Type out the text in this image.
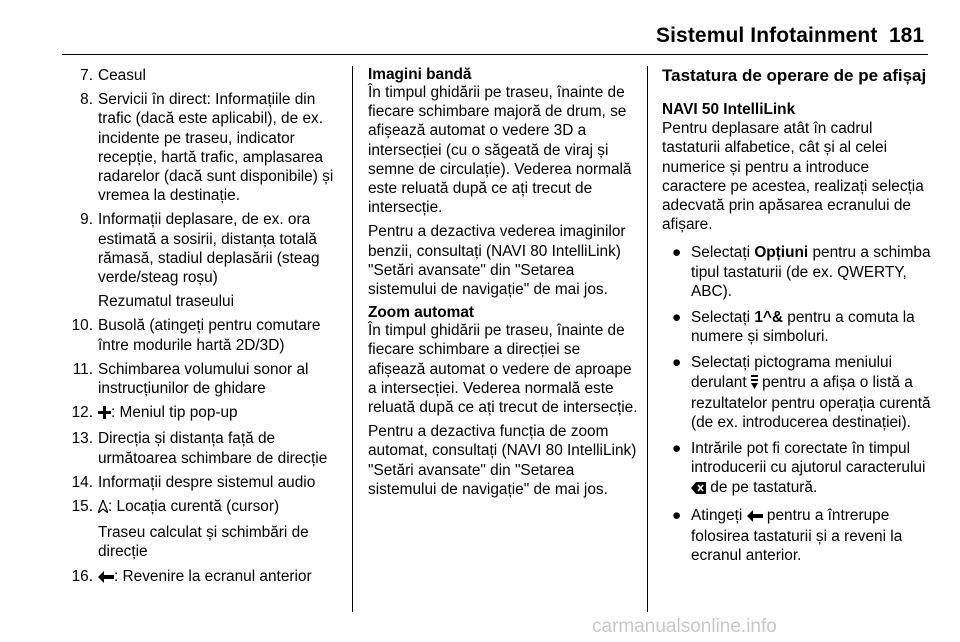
Sistemul Infotainment 181
7. Ceasul
8. Servicii în direct: Informațiile din trafic (dacă este aplicabil), de ex. incidente pe traseu, indicator recepție, hartă trafic, amplasarea radarelor (dacă sunt disponibile) și vremea la destinație.
9. Informații deplasare, de ex. ora estimată a sosirii, distanța totală rămasă, stadiul deplasării (steag verde/steag roșu)
Rezumatul traseului
10. Busolă (atingeți pentru comutare între modurile hartă 2D/3D)
11. Schimbarea volumului sonor al instrucțiunilor de ghidare
12. : Meniul tip pop-up
13. Direcția și distanța față de următoarea schimbare de direcție
14. Informații despre sistemul audio
15. : Locația curentă (cursor)
Traseu calculat și schimbări de direcție
16. : Revenire la ecranul anterior
Imagini bandă
În timpul ghidării pe traseu, înainte de fiecare schimbare majoră de drum, se afișează automat o vedere 3D a intersecției (cu o săgeată de viraj și semne de circulație). Vederea normală este reluată după ce ați trecut de intersecție.
Pentru a dezactiva vederea imaginilor benzii, consultați (NAVI 80 IntelliLink) "Setări avansate" din "Setarea sistemului de navigație" de mai jos.
Zoom automat
În timpul ghidării pe traseu, înainte de fiecare schimbare a direcției se afișează automat o vedere de aproape a intersecției. Vederea normală este reluată după ce ați trecut de intersecție.
Pentru a dezactiva funcția de zoom automat, consultați (NAVI 80 IntelliLink) "Setări avansate" din "Setarea sistemului de navigație" de mai jos.
Tastatura de operare de pe afișaj
NAVI 50 IntelliLink
Pentru deplasare atât în cadrul tastaturii alfabetice, cât și al celei numerice și pentru a introduce caractere pe acestea, realizați selecția adecvată prin apăsarea ecranului de afișare.
● Selectați Opțiuni pentru a schimba tipul tastaturii (de ex. QWERTY, ABC).
● Selectați 1^& pentru a comuta la numere și simboluri.
● Selectați pictograma meniului derulant  pentru a afișa o listă a rezultatelor pentru operația curentă (de ex. introducerea destinației).
● Intrările pot fi corectate în timpul introducerii cu ajutorul caracterului  de pe tastatură.
● Atingeți  pentru a întrerupe folosirea tastaturii și a reveni la ecranul anterior.
carmanualsonline.info
